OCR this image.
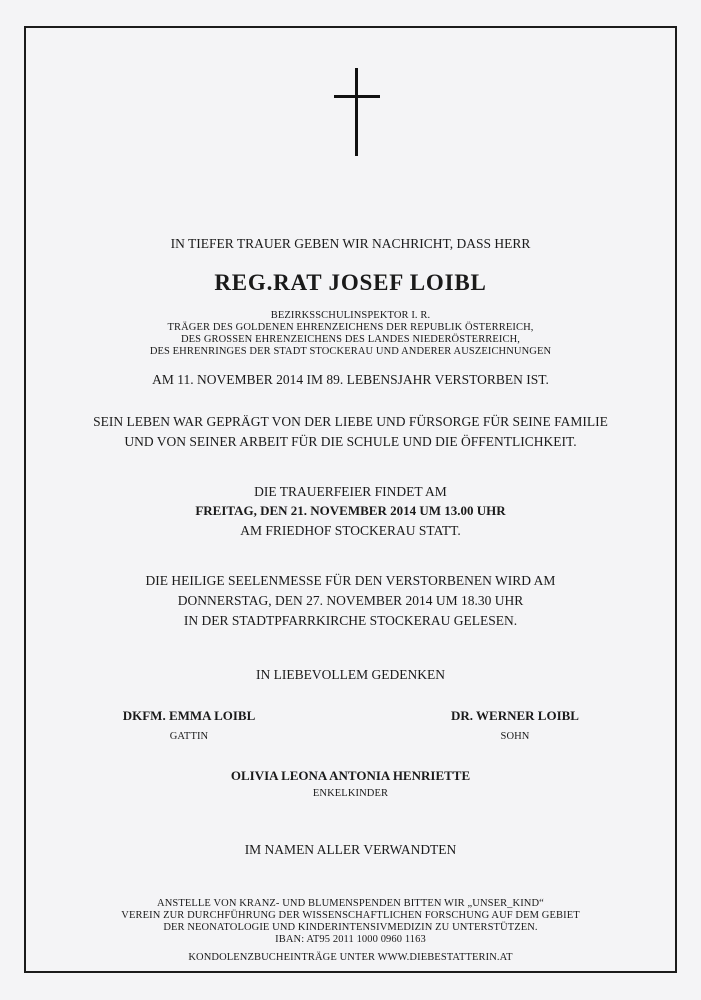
IN TIEFER TRAUER GEBEN WIR NACHRICHT, DASS HERR

REG.RAT JOSEF LOIBL

BEZIRKSSCHULINSPEKTOR I. R.

TRÄGER DES GOLDENEN EHRENZEICHENS DER REPUBLIK ÖSTERREICH,

DES GROSSEN EHRENZEICHENS DES LANDES NIEDERÖSTERREICH,

DES EHRENRINGES DER STADT STOCKERAU UND ANDERER AUSZEICHNUNGEN

AM 11. NOVEMBER 2014 IM 89. LEBENSJAHR VERSTORBEN IST.

SEIN LEBEN WAR GEPRÄGT VON DER LIEBE UND FÜRSORGE FÜR SEINE FAMILIE

UND VON SEINER ARBEIT FÜR DIE SCHULE UND DIE ÖFFENTLICHKEIT.

DIE TRAUERFEIER FINDET AM

FREITAG, DEN 21. NOVEMBER 2014 UM 13.00 UHR

AM FRIEDHOF STOCKERAU STATT.

DIE HEILIGE SEELENMESSE FÜR DEN VERSTORBENEN WIRD AM

DONNERSTAG, DEN 27. NOVEMBER 2014 UM 18.30 UHR

IN DER STADTPFARRKIRCHE STOCKERAU GELESEN.

IN LIEBEVOLLEM GEDENKEN

DKFM. EMMA LOIBL
GATTIN
DR. WERNER LOIBL
SOHN

OLIVIA LEONA ANTONIA HENRIETTE

ENKELKINDER

IM NAMEN ALLER VERWANDTEN

ANSTELLE VON KRANZ- UND BLUMENSPENDEN BITTEN WIR „UNSER_KIND“

VEREIN ZUR DURCHFÜHRUNG DER WISSENSCHAFTLICHEN FORSCHUNG AUF DEM GEBIET

DER NEONATOLOGIE UND KINDERINTENSIVMEDIZIN ZU UNTERSTÜTZEN.

IBAN: AT95 2011 1000 0960 1163

KONDOLENZBUCHEINTRÄGE UNTER WWW.DIEBESTATTERIN.AT
